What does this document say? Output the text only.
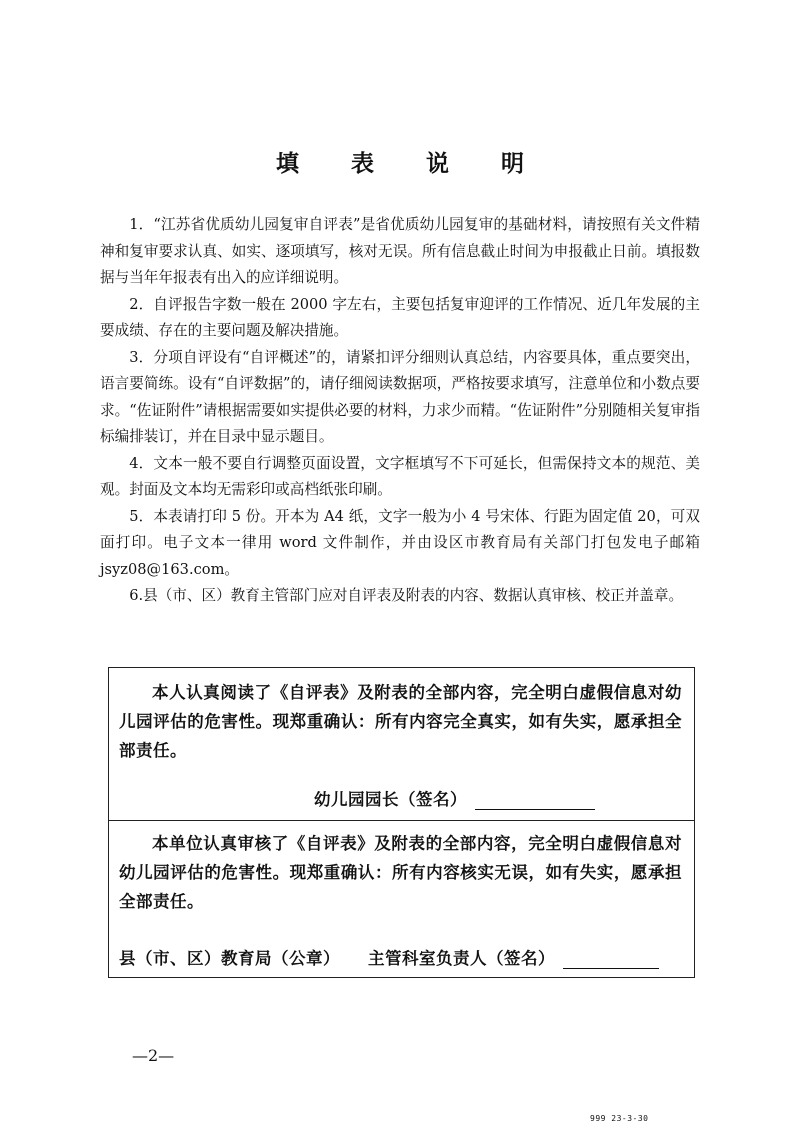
填 表 说 明

1．“江苏省优质幼儿园复审自评表”是省优质幼儿园复审的基础材料，请按照有关文件精神和复审要求认真、如实、逐项填写，核对无误。所有信息截止时间为申报截止日前。填报数据与当年年报表有出入的应详细说明。

2．自评报告字数一般在 2000 字左右，主要包括复审迎评的工作情况、近几年发展的主要成绩、存在的主要问题及解决措施。

3．分项自评设有“自评概述”的，请紧扣评分细则认真总结，内容要具体，重点要突出，语言要简练。设有“自评数据”的，请仔细阅读数据项，严格按要求填写，注意单位和小数点要求。“佐证附件”请根据需要如实提供必要的材料，力求少而精。“佐证附件”分别随相关复审指标编排装订，并在目录中显示题目。

4．文本一般不要自行调整页面设置，文字框填写不下可延长，但需保持文本的规范、美观。封面及文本均无需彩印或高档纸张印刷。

5．本表请打印 5 份。开本为 A4 纸，文字一般为小 4 号宋体、行距为固定值 20，可双面打印。电子文本一律用 word 文件制作，并由设区市教育局有关部门打包发电子邮箱 jsyz08@163.com。

6.县（市、区）教育主管部门应对自评表及附表的内容、数据认真审核、校正并盖章。

本人认真阅读了《自评表》及附表的全部内容，完全明白虚假信息对幼儿园评估的危害性。现郑重确认：所有内容完全真实，如有失实，愿承担全部责任。

幼儿园园长（签名）

本单位认真审核了《自评表》及附表的全部内容，完全明白虚假信息对幼儿园评估的危害性。现郑重确认：所有内容核实无误，如有失实，愿承担全部责任。

县（市、区）教育局（公章） 主管科室负责人（签名）
—2—
999 23-3-30
